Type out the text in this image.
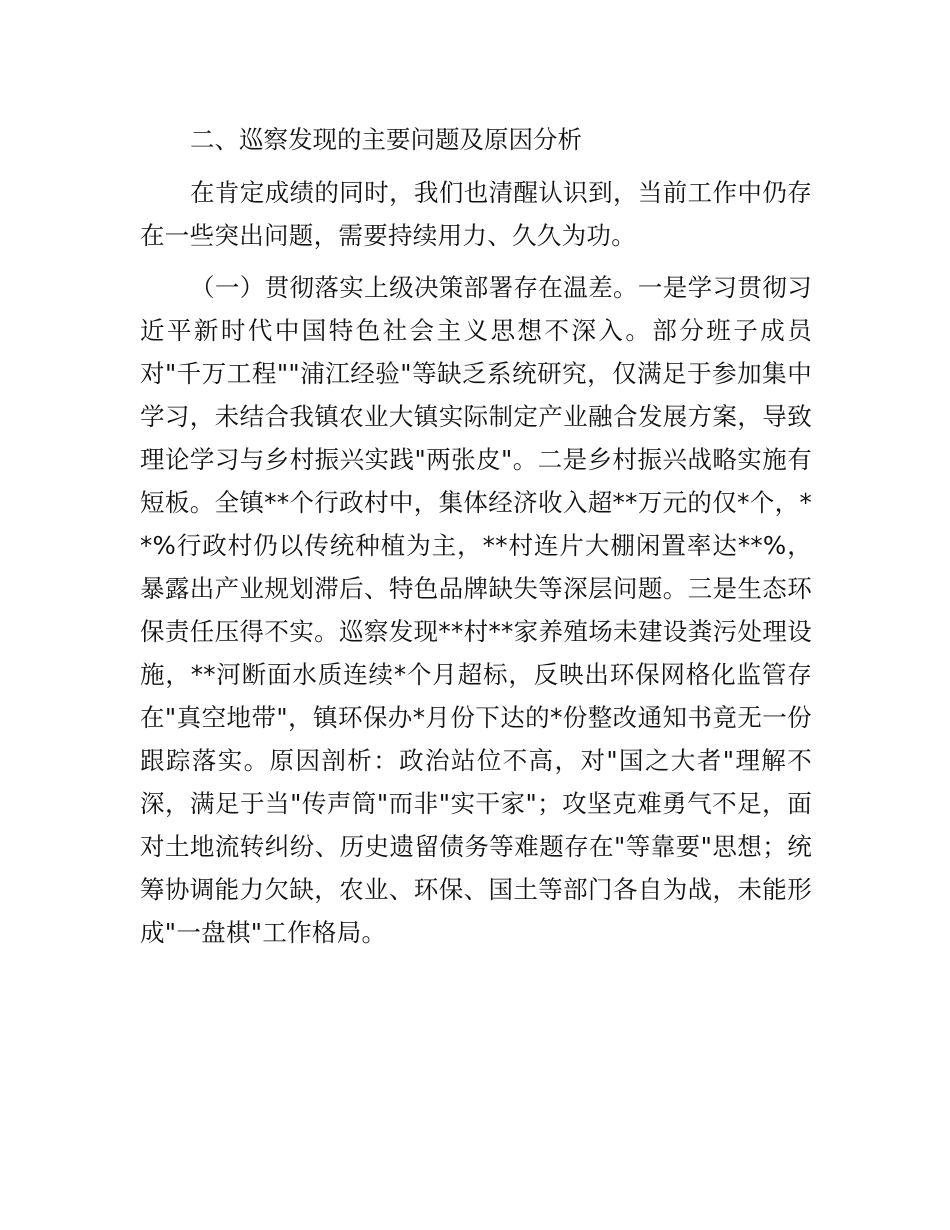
二、巡察发现的主要问题及原因分析

在肯定成绩的同时，我们也清醒认识到，当前工作中仍存在一些突出问题，需要持续用力、久久为功。

（一）贯彻落实上级决策部署存在温差。一是学习贯彻习近平新时代中国特色社会主义思想不深入。部分班子成员对"千万工程""浦江经验"等缺乏系统研究，仅满足于参加集中学习，未结合我镇农业大镇实际制定产业融合发展方案，导致理论学习与乡村振兴实践"两张皮"。二是乡村振兴战略实施有短板。全镇**个行政村中，集体经济收入超**万元的仅*个，**%行政村仍以传统种植为主，**村连片大棚闲置率达**%，暴露出产业规划滞后、特色品牌缺失等深层问题。三是生态环保责任压得不实。巡察发现**村**家养殖场未建设粪污处理设施，**河断面水质连续*个月超标，反映出环保网格化监管存在"真空地带"，镇环保办*月份下达的*份整改通知书竟无一份跟踪落实。原因剖析：政治站位不高，对"国之大者"理解不深，满足于当"传声筒"而非"实干家"；攻坚克难勇气不足，面对土地流转纠纷、历史遗留债务等难题存在"等靠要"思想；统筹协调能力欠缺，农业、环保、国土等部门各自为战，未能形成"一盘棋"工作格局。
